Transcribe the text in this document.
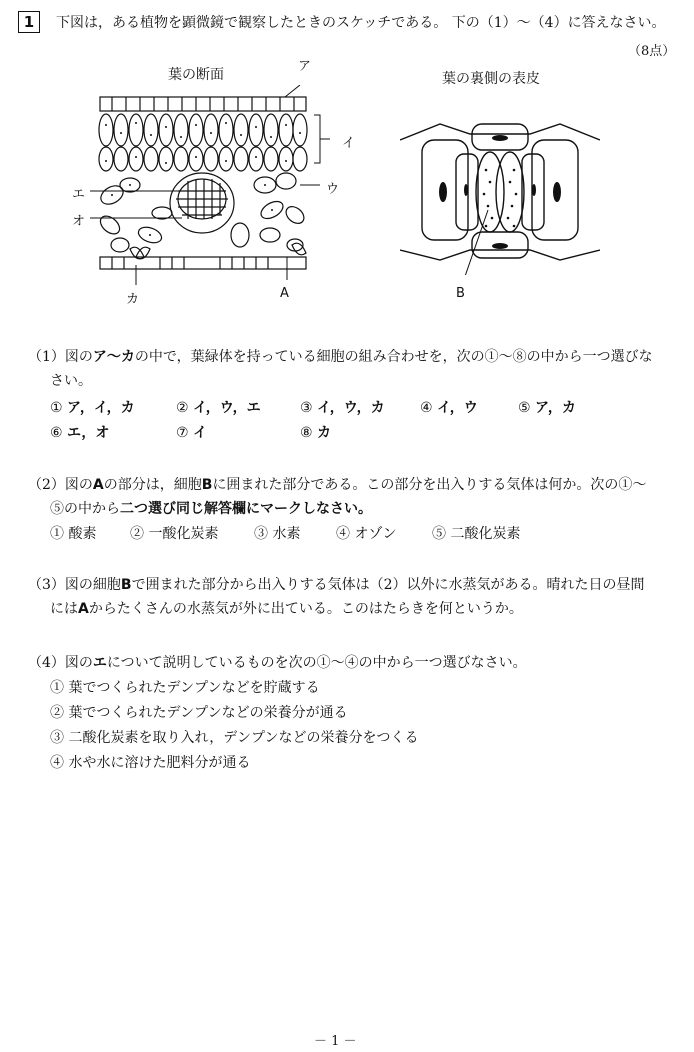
1	下図は，ある植物を顕微鏡で観察したときのスケッチである。 下の（1）～（4）に答えなさい。
（8点）
葉の断面	葉の裏側の表皮
ア
イ
ウ
エ
オ
カ	A	B
（1）図のア～カの中で，葉緑体を持っている細胞の組み合わせを，次の①～⑧の中から一つ選びな
さい。
① ア，イ，カ	② イ，ウ，エ	③ イ，ウ，カ	④ イ，ウ	⑤ ア，カ
⑥ エ，オ	⑦ イ	⑧ カ
（2）図のAの部分は，細胞Bに囲まれた部分である。この部分を出入りする気体は何か。次の①～
⑤の中から二つ選び同じ解答欄にマークしなさい。
① 酸素 ② 一酸化炭素	③ 水素	④ オゾン	⑤ 二酸化炭素
（3）図の細胞Bで囲まれた部分から出入りする気体は（2）以外に水蒸気がある。晴れた日の昼間
にはAからたくさんの水蒸気が外に出ている。このはたらきを何というか。
（4）図のエについて説明しているものを次の①～④の中から一つ選びなさい。
① 葉でつくられたデンプンなどを貯蔵する
② 葉でつくられたデンプンなどの栄養分が通る
③ 二酸化炭素を取り入れ，デンプンなどの栄養分をつくる
④ 水や水に溶けた肥料分が通る
－ 1 －
